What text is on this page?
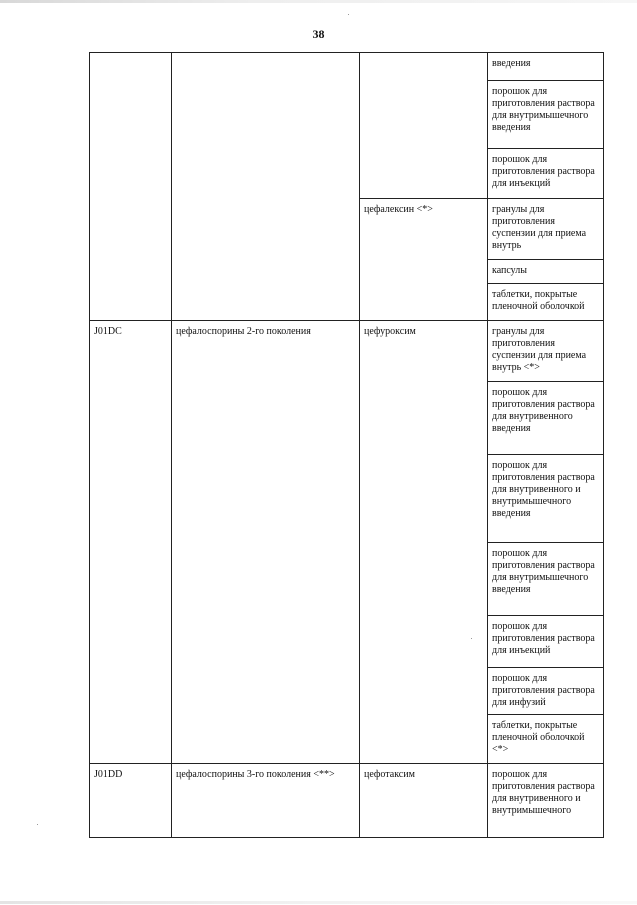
38
			введения
			порошок для приготовления раствора для внутримышечного введения
			порошок для приготовления раствора для инъекций
		цефалексин <*>	гранулы для приготовления суспензии для приема внутрь
			капсулы
			таблетки, покрытые пленочной оболочкой
J01DC	цефалоспорины 2-го поколения	цефуроксим	гранулы для приготовления суспензии для приема внутрь <*>
			порошок для приготовления раствора для внутривенного введения
			порошок для приготовления раствора для внутривенного и внутримышечного введения
			порошок для приготовления раствора для внутримышечного введения
			порошок для приготовления раствора для инъекций
			порошок для приготовления раствора для инфузий
			таблетки, покрытые пленочной оболочкой <*>
J01DD	цефалоспорины 3-го поколения <**>	цефотаксим	порошок для приготовления раствора для внутривенного и внутримышечного
